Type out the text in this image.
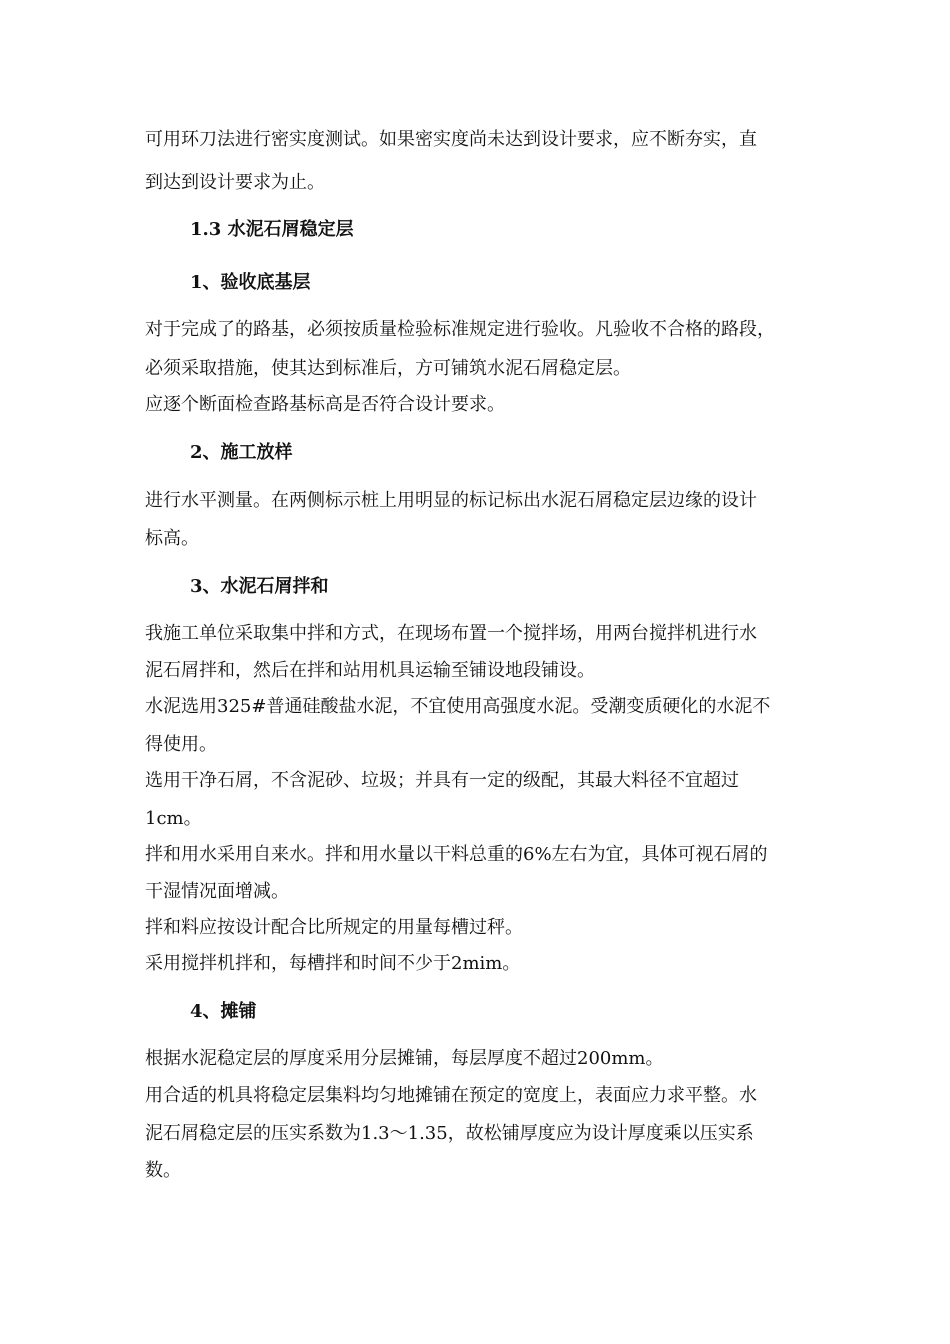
可用环刀法进行密实度测试。如果密实度尚未达到设计要求，应不断夯实，直
到达到设计要求为止。
1.3 水泥石屑稳定层
1、验收底基层
对于完成了的路基，必须按质量检验标准规定进行验收。凡验收不合格的路段，
必须采取措施，使其达到标准后，方可铺筑水泥石屑稳定层。
应逐个断面检查路基标高是否符合设计要求。
2、施工放样
进行水平测量。在两侧标示桩上用明显的标记标出水泥石屑稳定层边缘的设计
标高。
3、水泥石屑拌和
我施工单位采取集中拌和方式，在现场布置一个搅拌场，用两台搅拌机进行水
泥石屑拌和，然后在拌和站用机具运输至铺设地段铺设。
水泥选用325#普通硅酸盐水泥，不宜使用高强度水泥。受潮变质硬化的水泥不
得使用。
选用干净石屑，不含泥砂、垃圾；并具有一定的级配，其最大料径不宜超过
1cm。
拌和用水采用自来水。拌和用水量以干料总重的6%左右为宜，具体可视石屑的
干湿情况面增减。
拌和料应按设计配合比所规定的用量每槽过秤。
采用搅拌机拌和，每槽拌和时间不少于2mim。
4、摊铺
根据水泥稳定层的厚度采用分层摊铺，每层厚度不超过200mm。
用合适的机具将稳定层集料均匀地摊铺在预定的宽度上，表面应力求平整。水
泥石屑稳定层的压实系数为1.3～1.35，故松铺厚度应为设计厚度乘以压实系
数。
